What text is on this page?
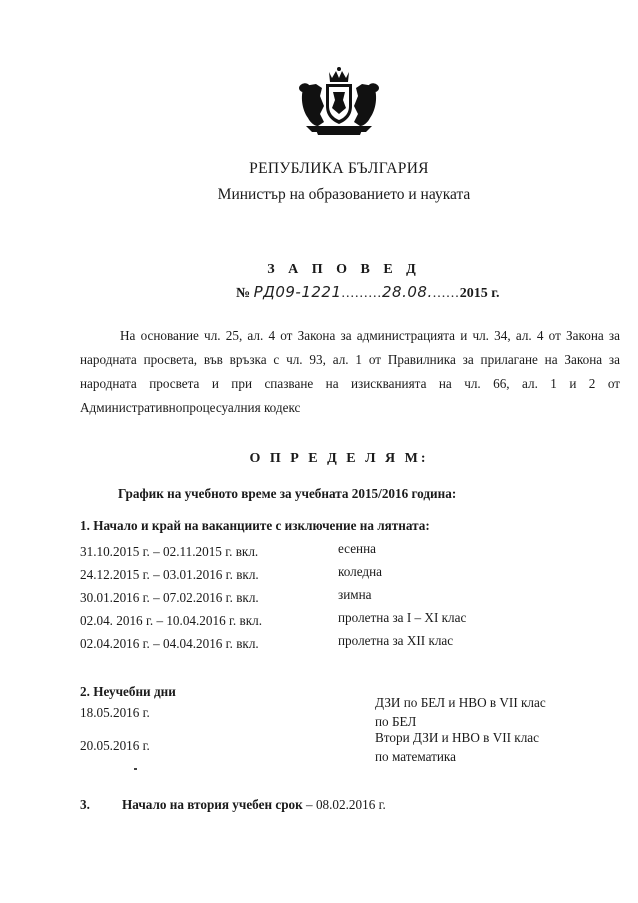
РЕПУБЛИКА БЪЛГАРИЯ
Министър на образованието и науката
З А П О В Е Д
№ РД09-1221.........28.08.......2015 г.
На основание чл. 25, ал. 4 от Закона за администрацията и чл. 34, ал. 4 от Закона за народната просвета, във връзка с чл. 93, ал. 1 от Правилника за прилагане на Закона за народната просвета и при спазване на изискванията на чл. 66, ал. 1 и 2 от Административнопроцесуалния кодекс
О П Р Е Д Е Л Я М:
График на учебното време за учебната 2015/2016 година:
1. Начало и край на ваканциите с изключение на лятната:
31.10.2015 г. – 02.11.2015 г. вкл.	есенна
24.12.2015 г. – 03.01.2016 г. вкл.	коледна
30.01.2016 г. – 07.02.2016 г. вкл.	зимна
02.04. 2016 г. – 10.04.2016 г. вкл.	пролетна за I – XI клас
02.04.2016 г. – 04.04.2016 г. вкл.	пролетна за XII клас
2. Неучебни дни
18.05.2016 г.
ДЗИ по БЕЛ и НВО в VII клас
по БЕЛ
20.05.2016 г.
Втори ДЗИ и НВО в VII клас
по математика
3. Начало на втория учебен срок – 08.02.2016 г.
